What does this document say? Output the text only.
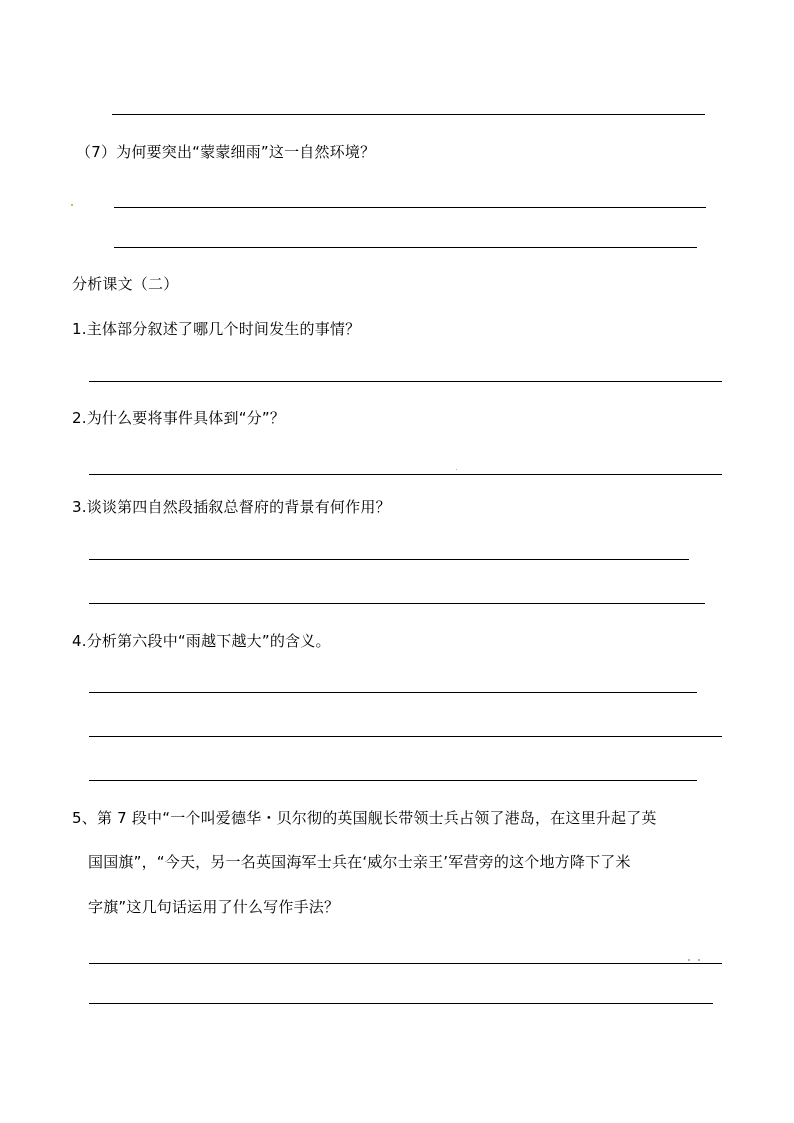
（7）为何要突出“蒙蒙细雨”这一自然环境？
分析课文（二）
1.主体部分叙述了哪几个时间发生的事情？
2.为什么要将事件具体到“分”？
3.谈谈第四自然段插叙总督府的背景有何作用？
4.分析第六段中“雨越下越大”的含义。
5、第 7 段中“一个叫爱德华・贝尔彻的英国舰长带领士兵占领了港岛，在这里升起了英
国国旗”，“今天，另一名英国海军士兵在‘威尔士亲王’军营旁的这个地方降下了米
字旗”这几句话运用了什么写作手法？
